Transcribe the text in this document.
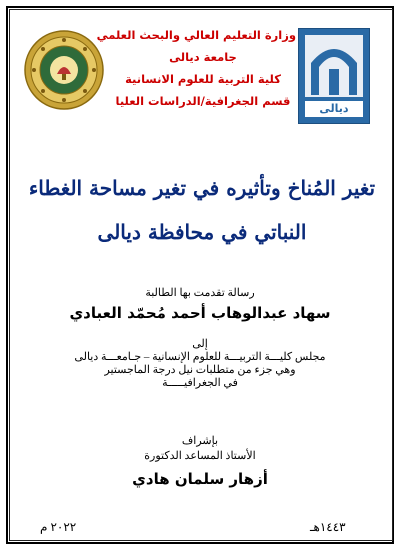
وزارة التعليم العالي والبحث العلمي
جامعة ديالى
كلية التربية للعلوم الانسانية
قسم الجغرافية/الدراسات العليا
ديالى
تغير المُناخ وتأثيره في تغير مساحة الغطاء
النباتي في محافظة ديالى
رسالة تقدمت بها الطالبة
سهاد عبدالوهاب أحمد مُحمّد العبادي
إلى
مجلس كليـــة التربيـــة للعلوم الإنسانية – جـامعـــة ديالى
وهي جزء من متطلبات نيل درجة الماجستير
في الجغرافيـــــة
بإشراف
الأستاذ المساعد الدكتورة
أزهار سلمان هادي
٢٠٢٢ م	١٤٤٣هـ
